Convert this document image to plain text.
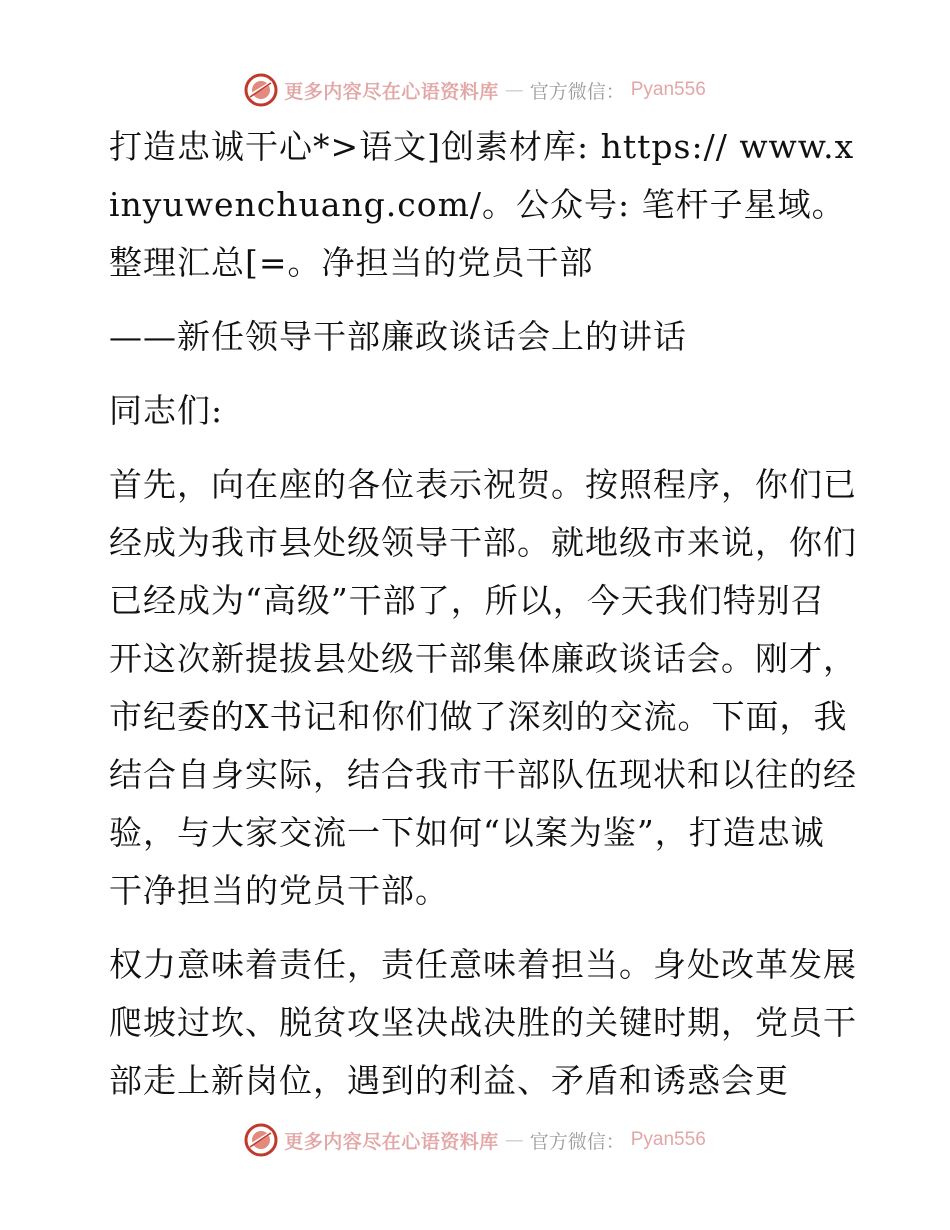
更多内容尽在心语资料库 — 官方微信： Pyan556

打造忠诚干心*>语文]创素材库: https:// www.xinyuwenchuang.com/。公众号: 笔杆子星域。整理汇总[=。净担当的党员干部

——新任领导干部廉政谈话会上的讲话

同志们:

首先，向在座的各位表示祝贺。按照程序，你们已经成为我市县处级领导干部。就地级市来说，你们已经成为“高级”干部了，所以，今天我们特别召开这次新提拔县处级干部集体廉政谈话会。刚才，市纪委的X书记和你们做了深刻的交流。下面，我结合自身实际，结合我市干部队伍现状和以往的经验，与大家交流一下如何“以案为鉴”，打造忠诚干净担当的党员干部。

权力意味着责任，责任意味着担当。身处改革发展爬坡过坎、脱贫攻坚决战决胜的关键时期，党员干部走上新岗位，遇到的利益、矛盾和诱惑会更

更多内容尽在心语资料库 — 官方微信： Pyan556
